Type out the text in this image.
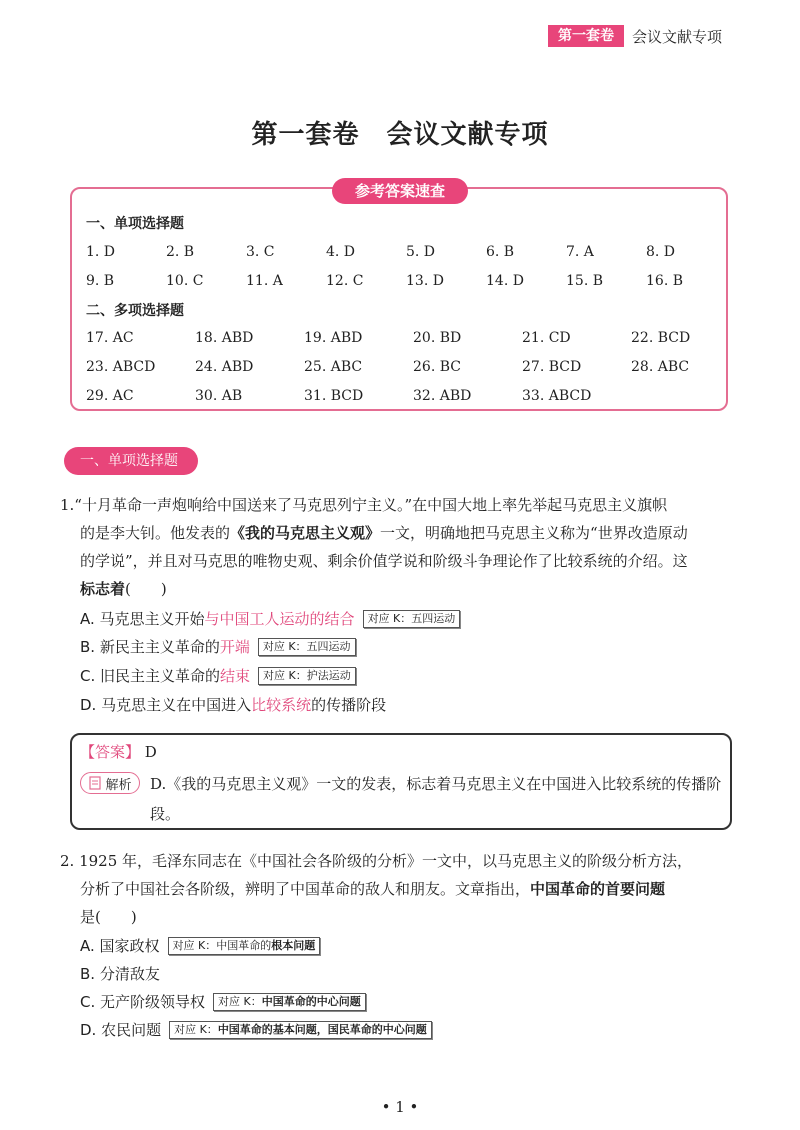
第一套卷	会议文献专项
第一套卷　会议文献专项
参考答案速查
一、单项选择题
1. D	2. B	3. C	4. D	5. D	6. B	7. A	8. D
9. B	10. C	11. A	12. C	13. D	14. D	15. B	16. B
二、多项选择题
17. AC	18. ABD	19. ABD	20. BD	21. CD	22. BCD
23. ABCD	24. ABD	25. ABC	26. BC	27. BCD	28. ABC
29. AC	30. AB	31. BCD	32. ABD	33. ABCD
一、单项选择题
1.“十月革命一声炮响给中国送来了马克思列宁主义。”在中国大地上率先举起马克思主义旗帜
的是李大钊。他发表的《我的马克思主义观》一文，明确地把马克思主义称为“世界改造原动
的学说”，并且对马克思的唯物史观、剩余价值学说和阶级斗争理论作了比较系统的介绍。这
标志着(　　)
A. 马克思主义开始与中国工人运动的结合 对应 K：五四运动
B. 新民主主义革命的开端 对应 K：五四运动
C. 旧民主主义革命的结束 对应 K：护法运动
D. 马克思主义在中国进入比较系统的传播阶段
【答案】 D
解析 D.《我的马克思主义观》一文的发表，标志着马克思主义在中国进入比较系统的传播阶段。
2. 1925 年，毛泽东同志在《中国社会各阶级的分析》一文中，以马克思主义的阶级分析方法，
分析了中国社会各阶级，辨明了中国革命的敌人和朋友。文章指出，中国革命的首要问题
是(　　)
A. 国家政权 对应 K：中国革命的根本问题
B. 分清敌友
C. 无产阶级领导权 对应 K：中国革命的中心问题
D. 农民问题 对应 K：中国革命的基本问题，国民革命的中心问题
• 1 •
